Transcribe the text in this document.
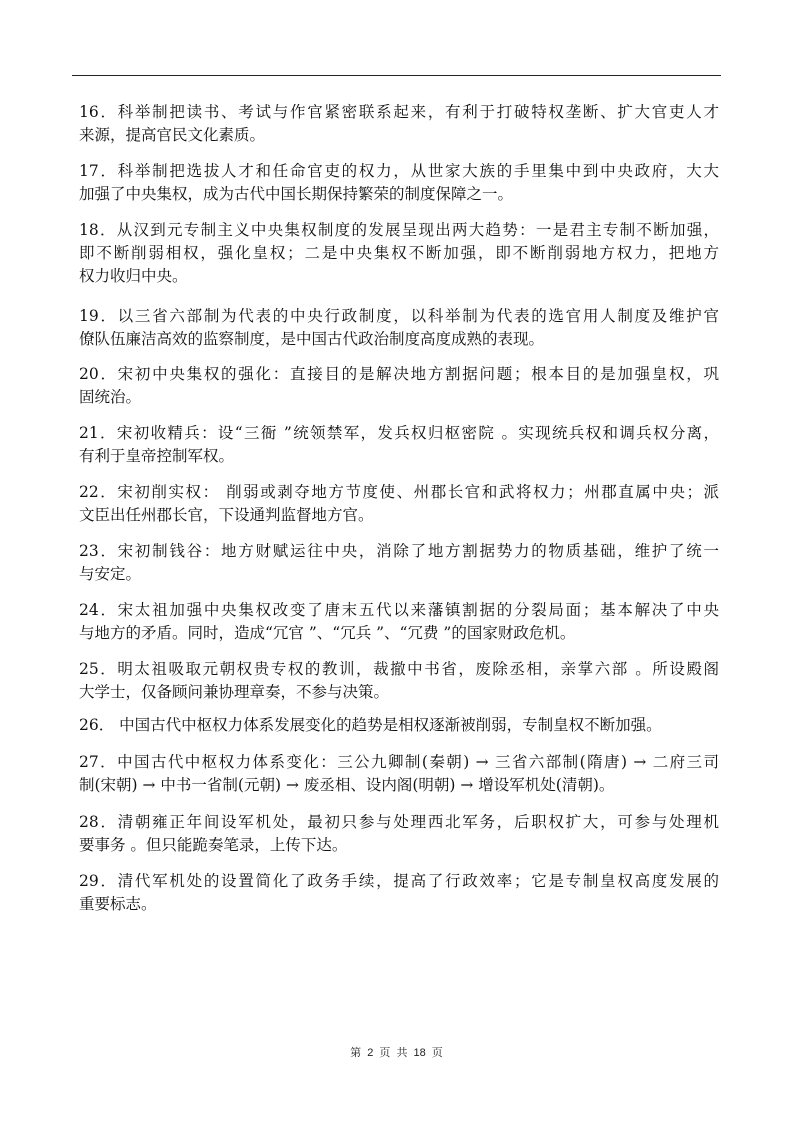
16．科举制把读书、考试与作官紧密联系起来，有利于打破特权垄断、扩大官吏人才
来源，提高官民文化素质。
17．科举制把选拔人才和任命官吏的权力，从世家大族的手里集中到中央政府，大大
加强了中央集权，成为古代中国长期保持繁荣的制度保障之一。
18．从汉到元专制主义中央集权制度的发展呈现出两大趋势：一是君主专制不断加强，
即不断削弱相权，强化皇权；二是中央集权不断加强，即不断削弱地方权力，把地方
权力收归中央。
19．以三省六部制为代表的中央行政制度，以科举制为代表的选官用人制度及维护官
僚队伍廉洁高效的监察制度，是中国古代政治制度高度成熟的表现。
20．宋初中央集权的强化：直接目的是解决地方割据问题；根本目的是加强皇权，巩
固统治。
21．宋初收精兵：设“三衙 ”统领禁军，发兵权归枢密院 。实现统兵权和调兵权分离，
有利于皇帝控制军权。
22．宋初削实权： 削弱或剥夺地方节度使、州郡长官和武将权力；州郡直属中央；派
文臣出任州郡长官，下设通判监督地方官。
23．宋初制钱谷：地方财赋运往中央，消除了地方割据势力的物质基础，维护了统一
与安定。
24．宋太祖加强中央集权改变了唐末五代以来藩镇割据的分裂局面；基本解决了中央
与地方的矛盾。同时，造成“冗官 ”、“冗兵 ”、“冗费 ”的国家财政危机。
25．明太祖吸取元朝权贵专权的教训，裁撤中书省，废除丞相，亲掌六部 。所设殿阁
大学士，仅备顾问兼协理章奏，不参与决策。
26． 中国古代中枢权力体系发展变化的趋势是相权逐渐被削弱，专制皇权不断加强。
27．中国古代中枢权力体系变化：三公九卿制(秦朝) → 三省六部制(隋唐) → 二府三司
制(宋朝) → 中书一省制(元朝) → 废丞相、设内阁(明朝) → 增设军机处(清朝)。
28．清朝雍正年间设军机处，最初只参与处理西北军务，后职权扩大，可参与处理机
要事务 。但只能跪奏笔录，上传下达。
29．清代军机处的设置简化了政务手续，提高了行政效率；它是专制皇权高度发展的
重要标志。
第 2 页 共 18 页
